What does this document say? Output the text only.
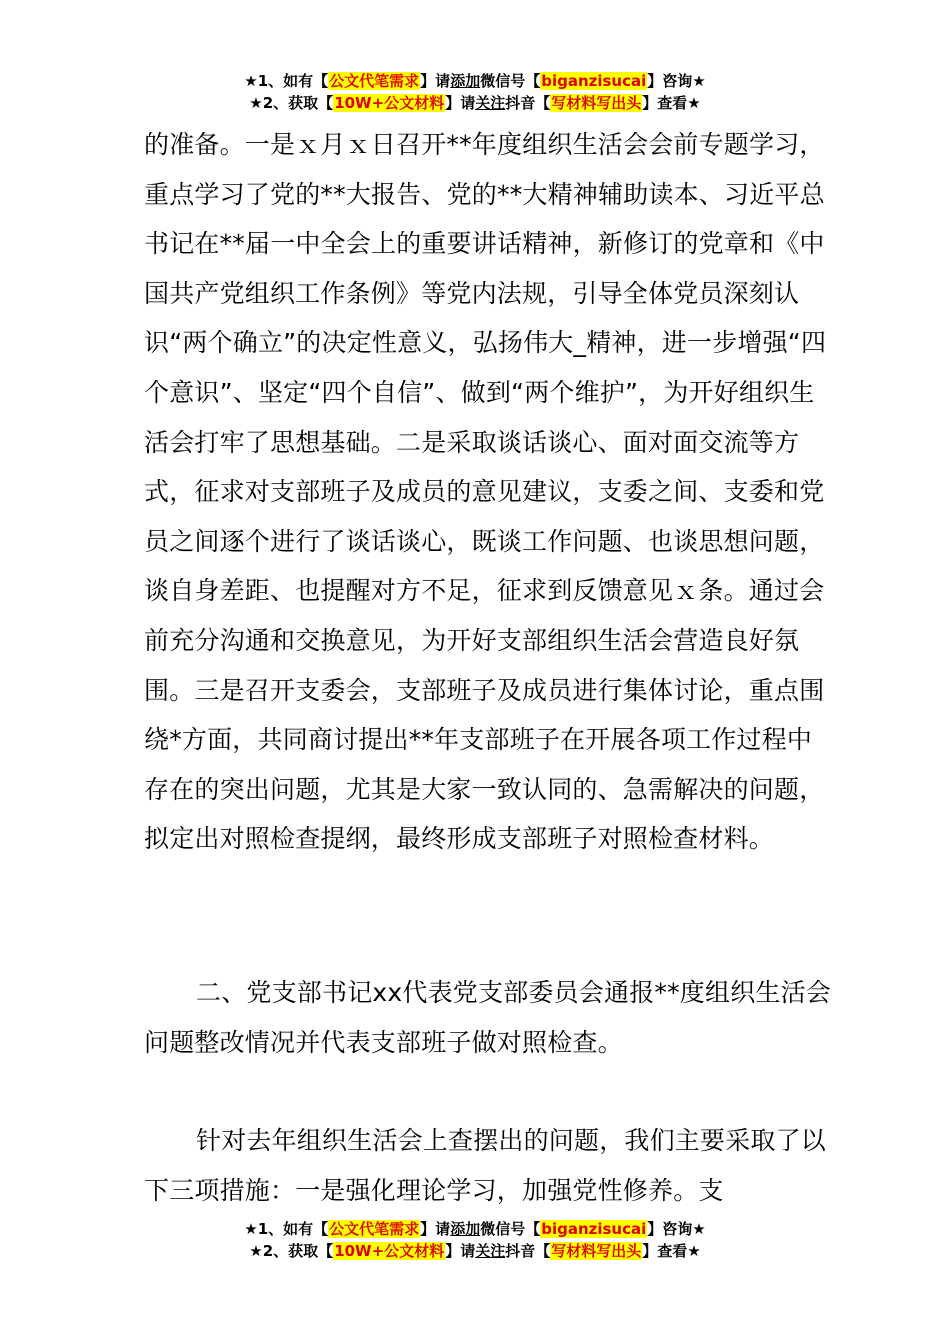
★1、如有【公文代笔需求】请添加微信号【biganzisucai】咨询★
★2、获取【10W+公文材料】请关注抖音【写材料写出头】查看★

的准备。一是ｘ月ｘ日召开**年度组织生活会会前专题学习，重点学习了党的**大报告、党的**大精神辅助读本、习近平总书记在**届一中全会上的重要讲话精神，新修订的党章和《中国共产党组织工作条例》等党内法规，引导全体党员深刻认识“两个确立”的决定性意义，弘扬伟大_精神，进一步增强“四个意识”、坚定“四个自信”、做到“两个维护”，为开好组织生活会打牢了思想基础。二是采取谈话谈心、面对面交流等方式，征求对支部班子及成员的意见建议，支委之间、支委和党员之间逐个进行了谈话谈心，既谈工作问题、也谈思想问题，谈自身差距、也提醒对方不足，征求到反馈意见ｘ条。通过会前充分沟通和交换意见，为开好支部组织生活会营造良好氛围。三是召开支委会，支部班子及成员进行集体讨论，重点围绕*方面，共同商讨提出**年支部班子在开展各项工作过程中存在的突出问题，尤其是大家一致认同的、急需解决的问题，拟定出对照检查提纲，最终形成支部班子对照检查材料。

二、党支部书记xx代表党支部委员会通报**度组织生活会问题整改情况并代表支部班子做对照检查。

针对去年组织生活会上查摆出的问题，我们主要采取了以下三项措施：一是强化理论学习，加强党性修养。支

★1、如有【公文代笔需求】请添加微信号【biganzisucai】咨询★
★2、获取【10W+公文材料】请关注抖音【写材料写出头】查看★
